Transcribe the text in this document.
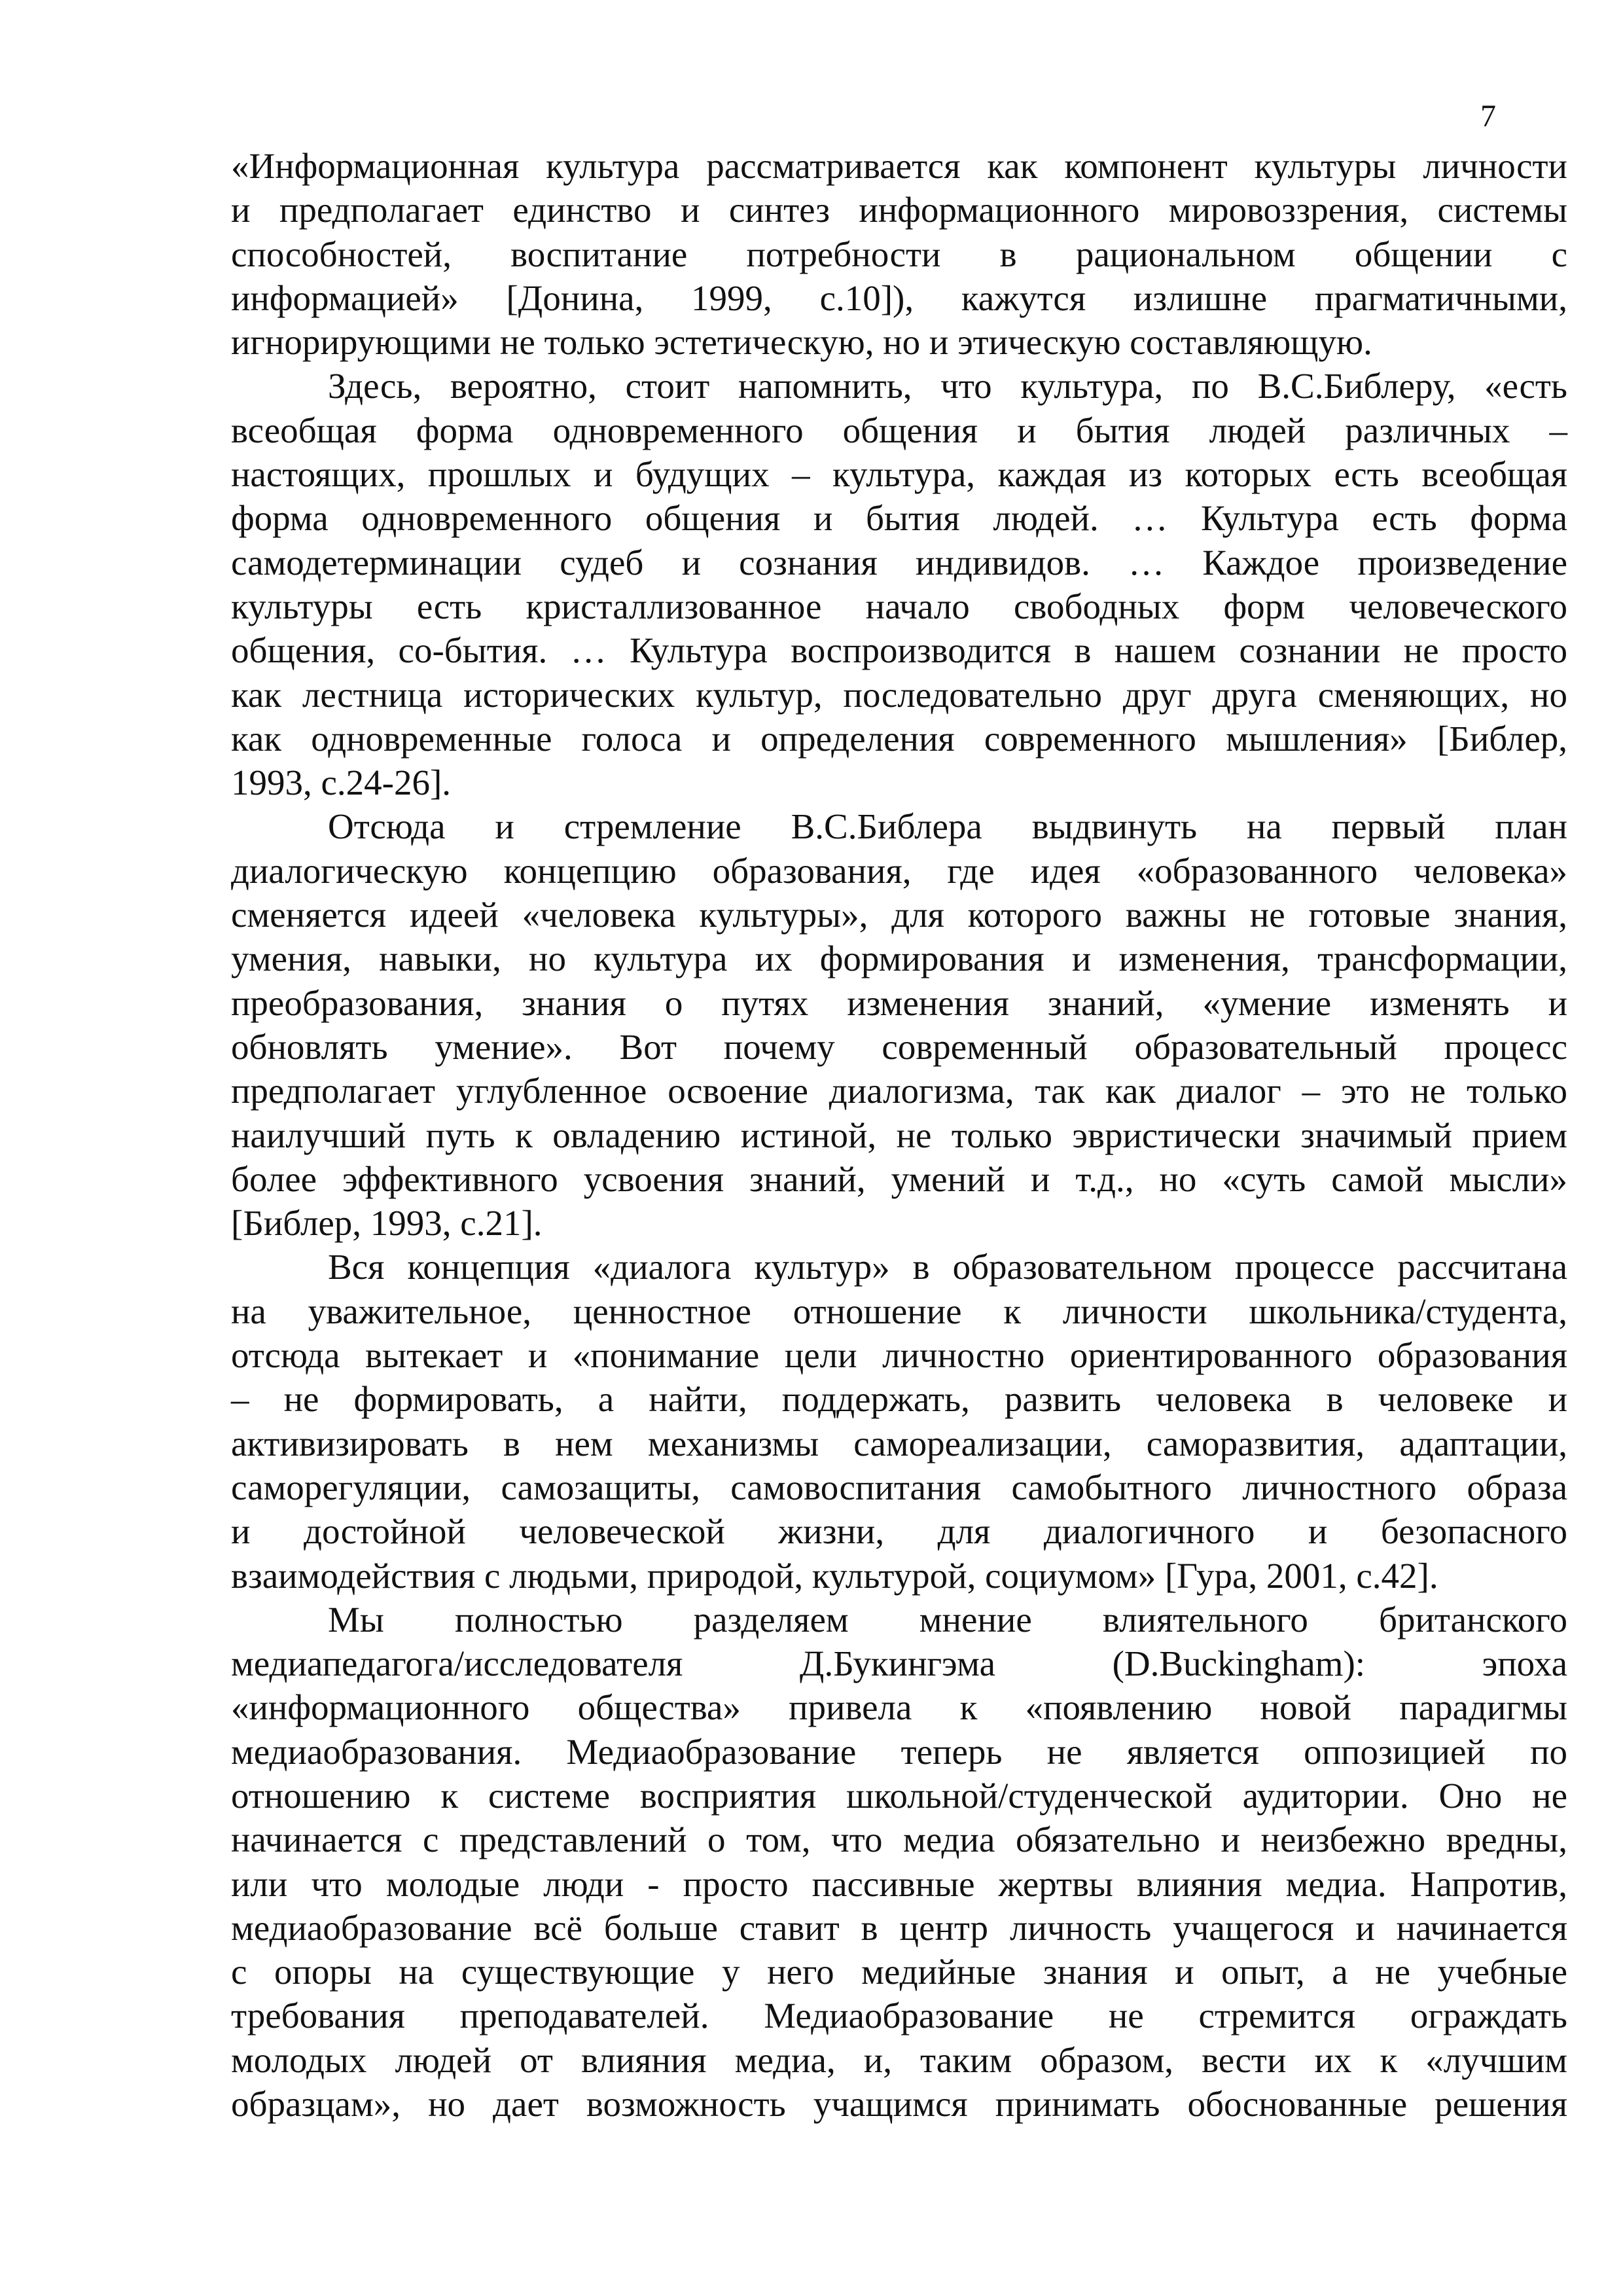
7
«Информационная культура рассматривается как компонент культуры личности
и предполагает единство и синтез информационного мировоззрения, системы
способностей, воспитание потребности в рациональном общении с
информацией» [Донина, 1999, с.10]), кажутся излишне прагматичными,
игнорирующими не только эстетическую, но и этическую составляющую.
Здесь, вероятно, стоит напомнить, что культура, по В.С.Библеру, «есть
всеобщая форма одновременного общения и бытия людей различных –
настоящих, прошлых и будущих – культура, каждая из которых есть всеобщая
форма одновременного общения и бытия людей. … Культура есть форма
самодетерминации судеб и сознания индивидов. … Каждое произведение
культуры есть кристаллизованное начало свободных форм человеческого
общения, со-бытия. … Культура воспроизводится в нашем сознании не просто
как лестница исторических культур, последовательно друг друга сменяющих, но
как одновременные голоса и определения современного мышления» [Библер,
1993, с.24-26].
Отсюда и стремление В.С.Библера выдвинуть на первый план
диалогическую концепцию образования, где идея «образованного человека»
сменяется идеей «человека культуры», для которого важны не готовые знания,
умения, навыки, но культура их формирования и изменения, трансформации,
преобразования, знания о путях изменения знаний, «умение изменять и
обновлять умение». Вот почему современный образовательный процесс
предполагает углубленное освоение диалогизма, так как диалог – это не только
наилучший путь к овладению истиной, не только эвристически значимый прием
более эффективного усвоения знаний, умений и т.д., но «суть самой мысли»
[Библер, 1993, с.21].
Вся концепция «диалога культур» в образовательном процессе рассчитана
на уважительное, ценностное отношение к личности школьника/студента,
отсюда вытекает и «понимание цели личностно ориентированного образования
– не формировать, а найти, поддержать, развить человека в человеке и
активизировать в нем механизмы самореализации, саморазвития, адаптации,
саморегуляции, самозащиты, самовоспитания самобытного личностного образа
и достойной человеческой жизни, для диалогичного и безопасного
взаимодействия с людьми, природой, культурой, социумом» [Гура, 2001, с.42].
Мы полностью разделяем мнение влиятельного британского
медиапедагога/исследователя Д.Букингэма (D.Buckingham): эпоха
«информационного общества» привела к «появлению новой парадигмы
медиаобразования. Медиаобразование теперь не является оппозицией по
отношению к системе восприятия школьной/студенческой аудитории. Оно не
начинается с представлений о том, что медиа обязательно и неизбежно вредны,
или что молодые люди - просто пассивные жертвы влияния медиа. Напротив,
медиаобразование всё больше ставит в центр личность учащегося и начинается
с опоры на существующие у него медийные знания и опыт, а не учебные
требования преподавателей. Медиаобразование не стремится ограждать
молодых людей от влияния медиа, и, таким образом, вести их к «лучшим
образцам», но дает возможность учащимся принимать обоснованные решения
